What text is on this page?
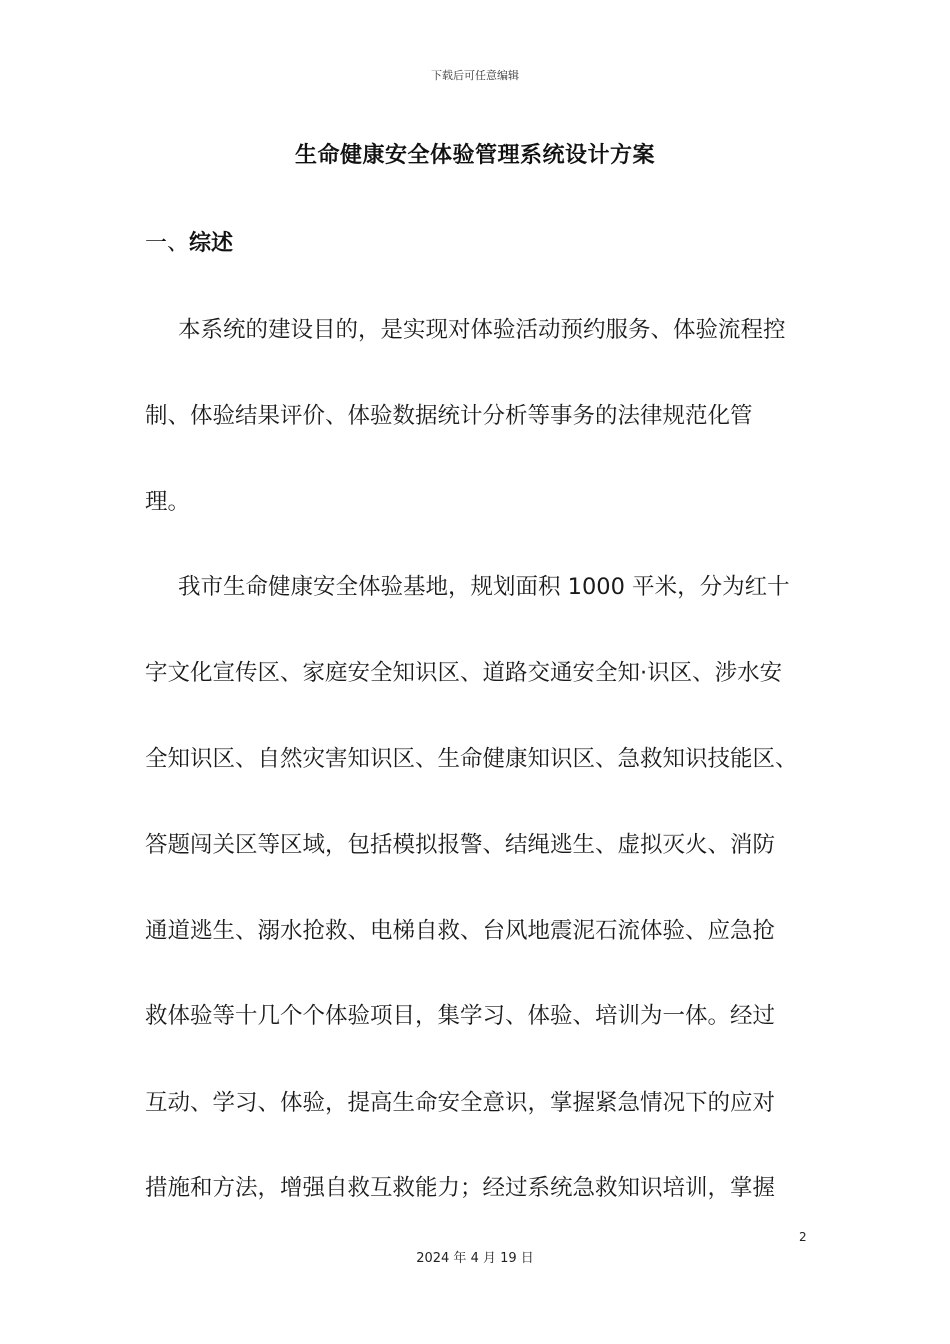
下载后可任意编辑
生命健康安全体验管理系统设计方案
一、综述
本系统的建设目的，是实现对体验活动预约服务、体验流程控
制、体验结果评价、体验数据统计分析等事务的法律规范化管
理。
我市生命健康安全体验基地，规划面积 1000 平米，分为红十
字文化宣传区、家庭安全知识区、道路交通安全知·识区、涉水安
全知识区、自然灾害知识区、生命健康知识区、急救知识技能区、
答题闯关区等区域，包括模拟报警、结绳逃生、虚拟灭火、消防
通道逃生、溺水抢救、电梯自救、台风地震泥石流体验、应急抢
救体验等十几个个体验项目，集学习、体验、培训为一体。经过
互动、学习、体验，提高生命安全意识，掌握紧急情况下的应对
措施和方法，增强自救互救能力；经过系统急救知识培训，掌握
2
2024 年 4 月 19 日
